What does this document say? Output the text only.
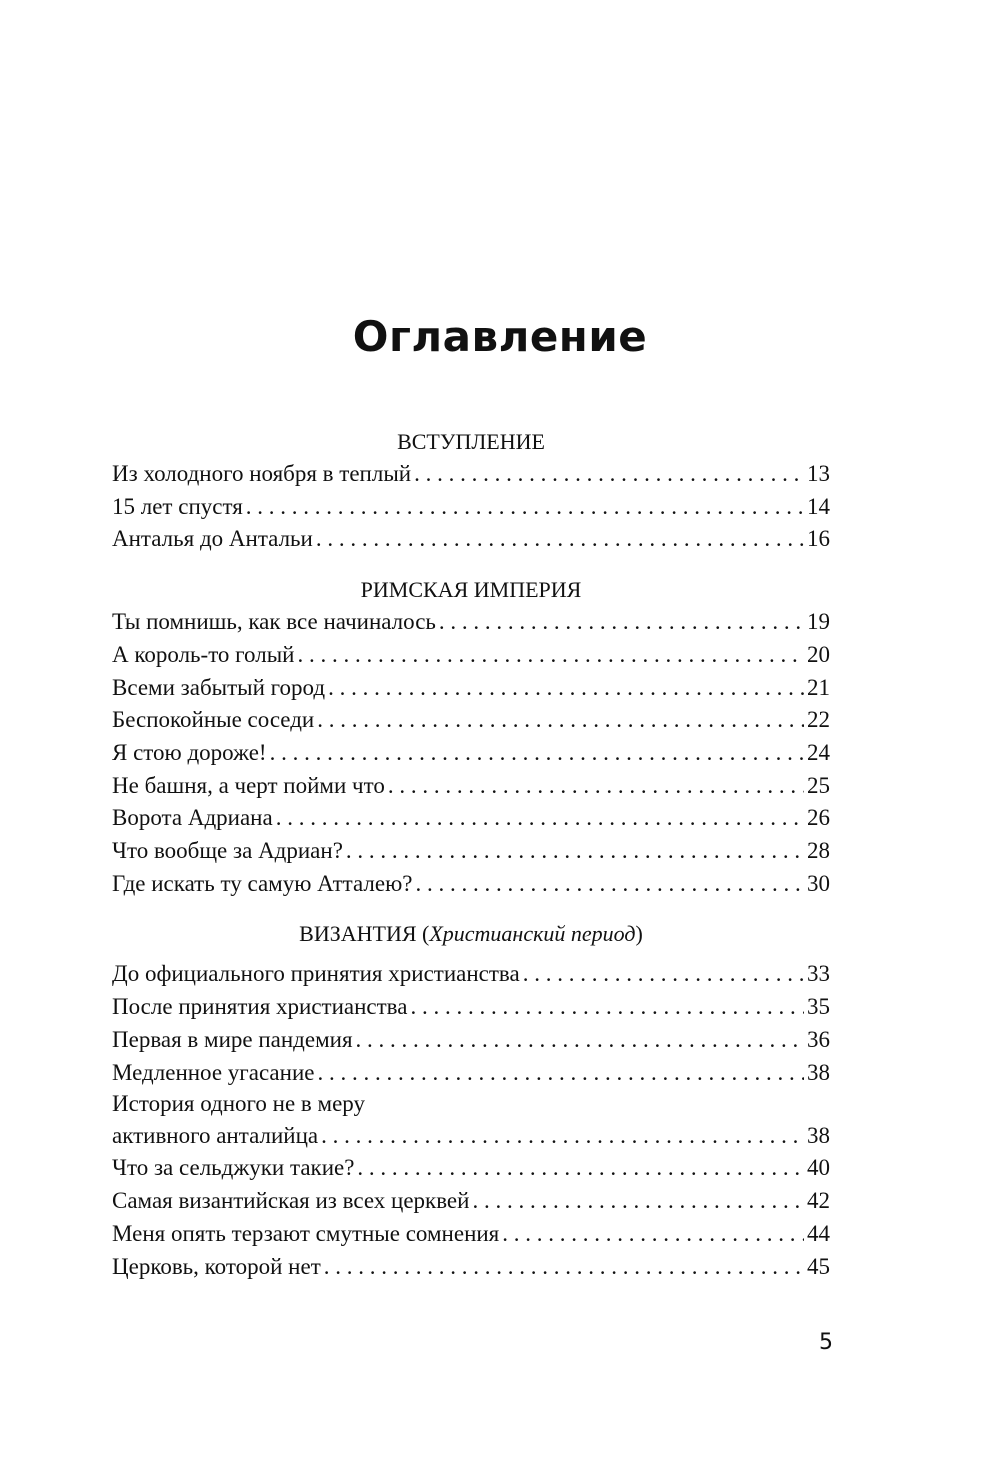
Оглавление

ВСТУПЛЕНИЕ

Из холодного ноября в теплый . . .	13
15 лет спустя . . .	14
Анталья до Антальи . . .	16

РИМСКАЯ ИМПЕРИЯ

Ты помнишь, как все начиналось . . .	19
А король-то голый . . .	20
Всеми забытый город . . .	21
Беспокойные соседи . . .	22
Я стою дороже! . . .	24
Не башня, а черт пойми что . . .	25
Ворота Адриана . . .	26
Что вообще за Адриан? . . .	28
Где искать ту самую Атталею? . . .	30

ВИЗАНТИЯ (Христианский период)

До официального принятия христианства . . .	33
После принятия христианства . . .	35
Первая в мире пандемия . . .	36
Медленное угасание . . .	38
История одного не в меру
активного анталийца . . .	38
Что за сельджуки такие? . . .	40
Самая византийская из всех церквей . . .	42
Меня опять терзают смутные сомнения . . .	44
Церковь, которой нет . . .	45
5
